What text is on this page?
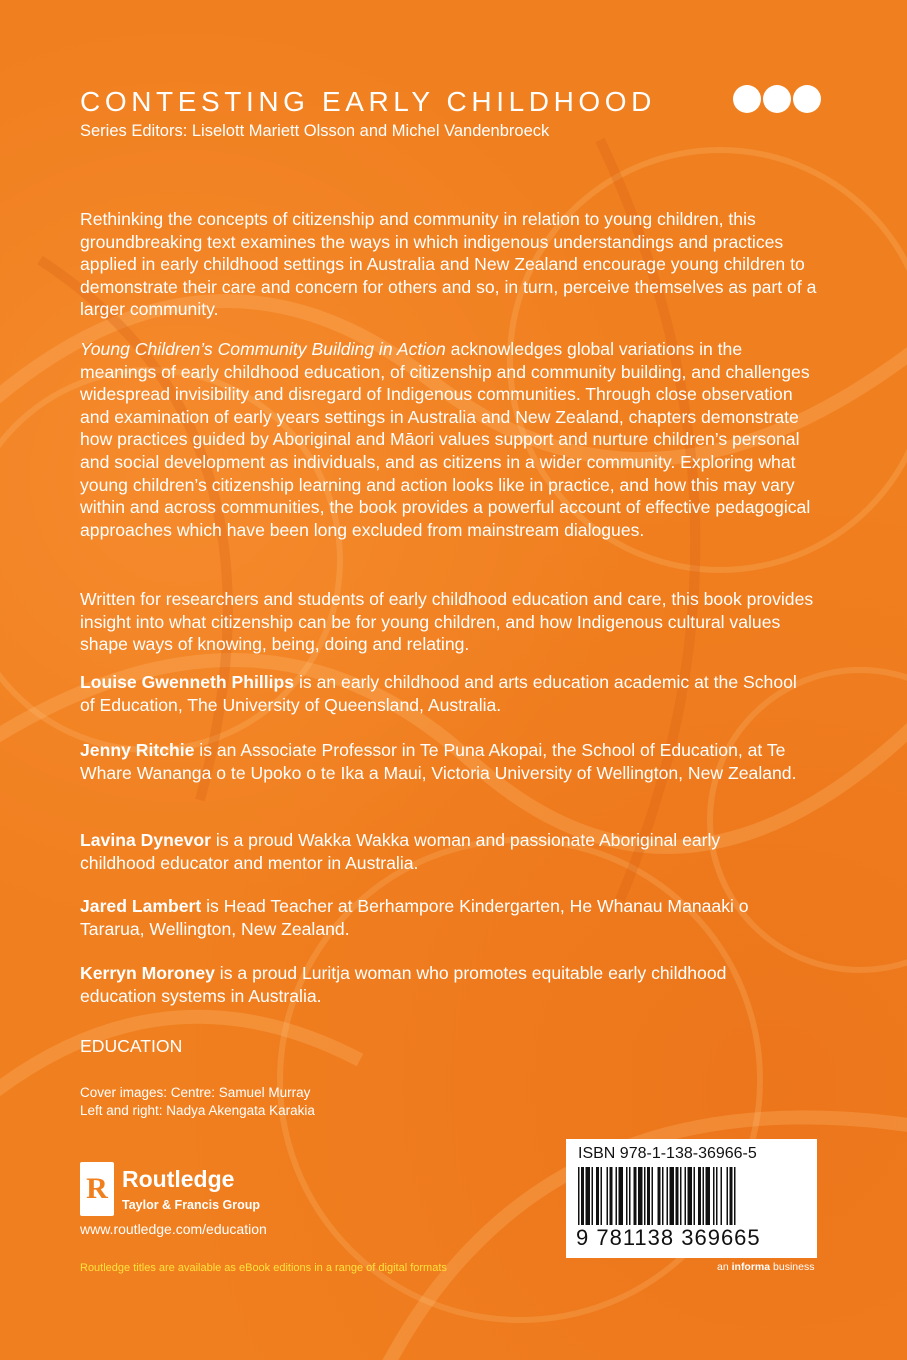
CONTESTING EARLY CHILDHOOD
Series Editors: Liselott Mariett Olsson and Michel Vandenbroeck

Rethinking the concepts of citizenship and community in relation to young children, this groundbreaking text examines the ways in which indigenous understandings and practices applied in early childhood settings in Australia and New Zealand encourage young children to demonstrate their care and concern for others and so, in turn, perceive themselves as part of a larger community.

Young Children’s Community Building in Action acknowledges global variations in the meanings of early childhood education, of citizenship and community building, and challenges widespread invisibility and disregard of Indigenous communities. Through close observation and examination of early years settings in Australia and New Zealand, chapters demonstrate how practices guided by Aboriginal and Māori values support and nurture children’s personal and social development as individuals, and as citizens in a wider community. Exploring what young children’s citizenship learning and action looks like in practice, and how this may vary within and across communities, the book provides a powerful account of effective pedagogical approaches which have been long excluded from mainstream dialogues.

Written for researchers and students of early childhood education and care, this book provides insight into what citizenship can be for young children, and how Indigenous cultural values shape ways of knowing, being, doing and relating.

Louise Gwenneth Phillips is an early childhood and arts education academic at the School of Education, The University of Queensland, Australia.
Jenny Ritchie is an Associate Professor in Te Puna Akopai, the School of Education, at Te Whare Wananga o te Upoko o te Ika a Maui, Victoria University of Wellington, New Zealand.
Lavina Dynevor is a proud Wakka Wakka woman and passionate Aboriginal early childhood educator and mentor in Australia.
Jared Lambert is Head Teacher at Berhampore Kindergarten, He Whanau Manaaki o Tararua, Wellington, New Zealand.
Kerryn Moroney is a proud Luritja woman who promotes equitable early childhood education systems in Australia.
EDUCATION
Cover images: Centre: Samuel Murray
Left and right: Nadya Akengata Karakia
R Routledge
Taylor & Francis Group
www.routledge.com/education
Routledge titles are available as eBook editions in a range of digital formats
ISBN 978-1-138-36966-5
9 781138 369665
an informa business
